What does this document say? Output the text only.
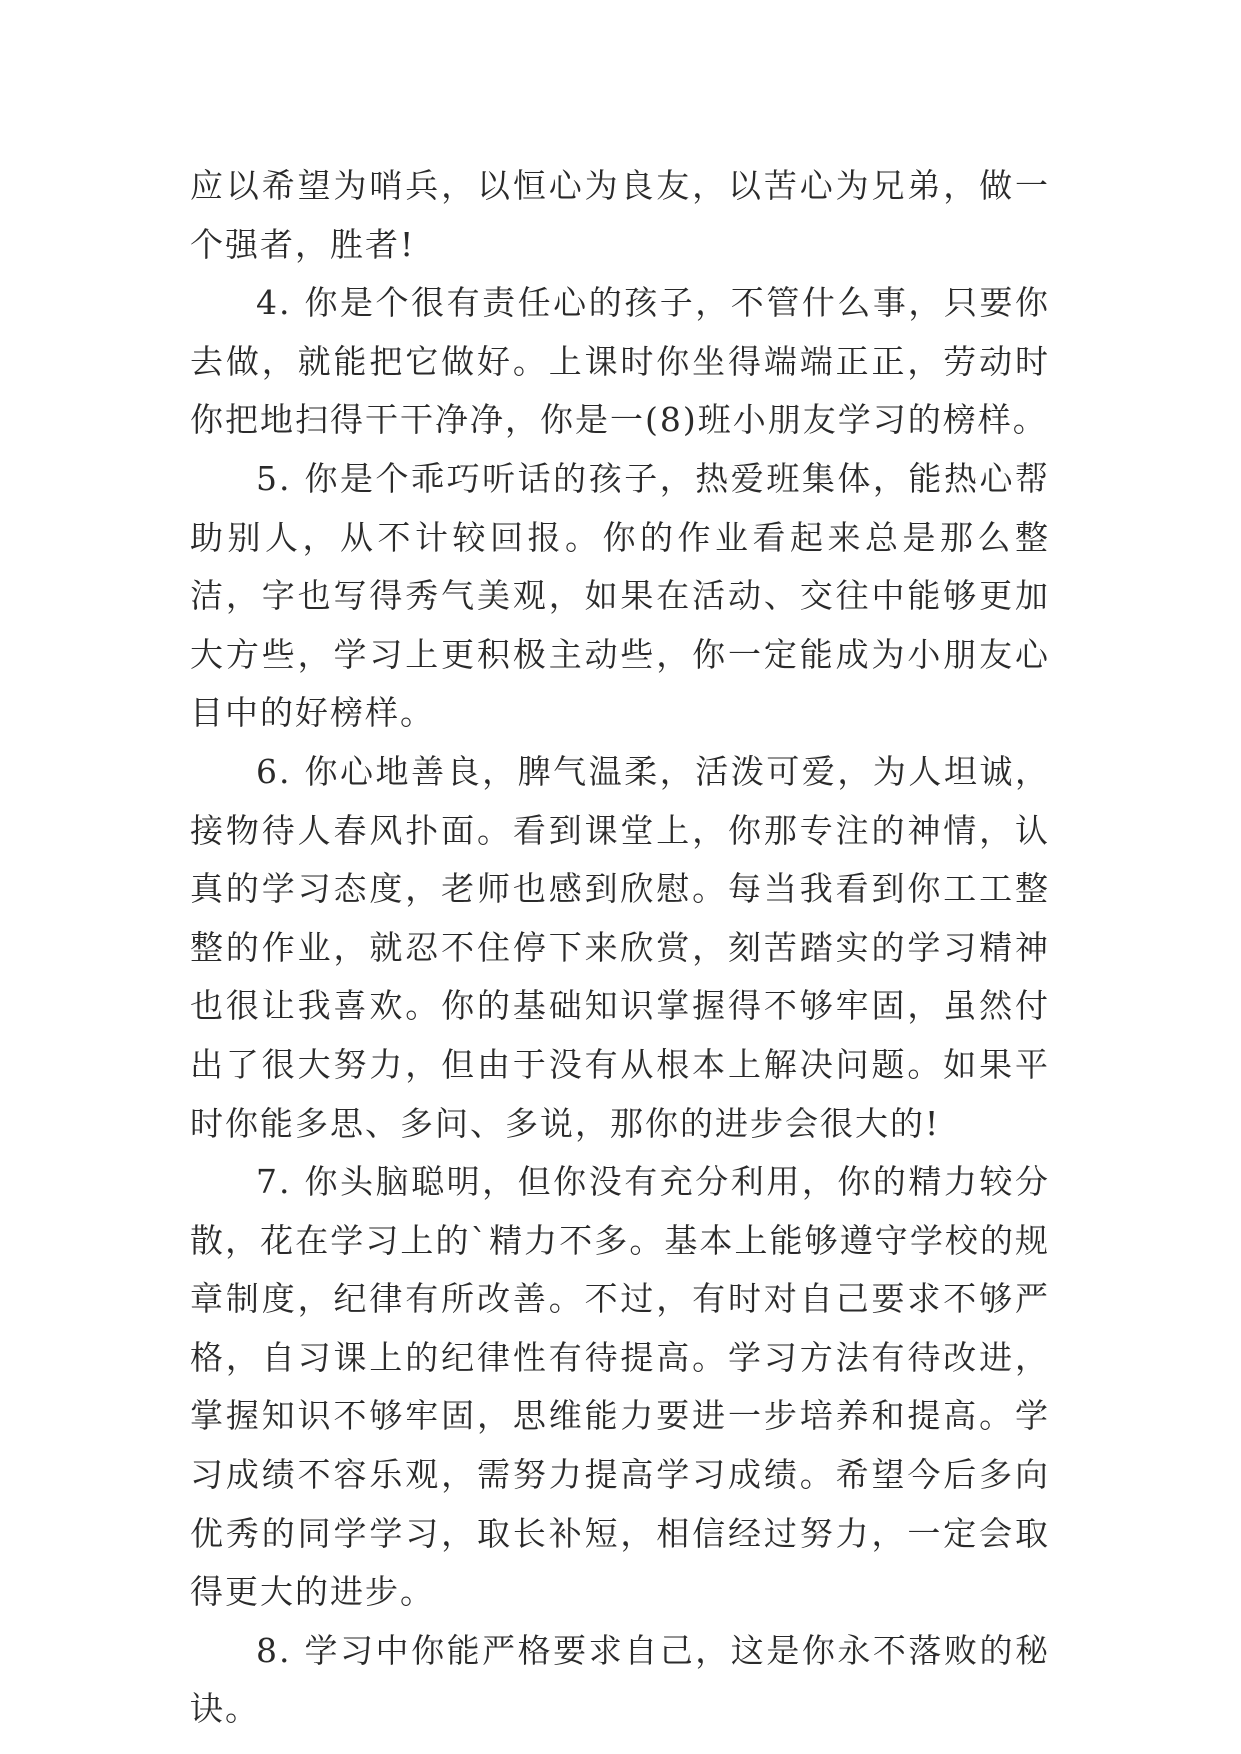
应以希望为哨兵，以恒心为良友，以苦心为兄弟，做一个强者，胜者!

4. 你是个很有责任心的孩子，不管什么事，只要你去做，就能把它做好。上课时你坐得端端正正，劳动时你把地扫得干干净净，你是一(8)班小朋友学习的榜样。

5. 你是个乖巧听话的孩子，热爱班集体，能热心帮助别人，从不计较回报。你的作业看起来总是那么整洁，字也写得秀气美观，如果在活动、交往中能够更加大方些，学习上更积极主动些，你一定能成为小朋友心目中的好榜样。

6. 你心地善良，脾气温柔，活泼可爱，为人坦诚，接物待人春风扑面。看到课堂上，你那专注的神情，认真的学习态度，老师也感到欣慰。每当我看到你工工整整的作业，就忍不住停下来欣赏，刻苦踏实的学习精神也很让我喜欢。你的基础知识掌握得不够牢固，虽然付出了很大努力，但由于没有从根本上解决问题。如果平时你能多思、多问、多说，那你的进步会很大的!

7. 你头脑聪明，但你没有充分利用，你的精力较分散，花在学习上的`精力不多。基本上能够遵守学校的规章制度，纪律有所改善。不过，有时对自己要求不够严格，自习课上的纪律性有待提高。学习方法有待改进，掌握知识不够牢固，思维能力要进一步培养和提高。学习成绩不容乐观，需努力提高学习成绩。希望今后多向优秀的同学学习，取长补短，相信经过努力，一定会取得更大的进步。

8. 学习中你能严格要求自己，这是你永不落败的秘诀。
